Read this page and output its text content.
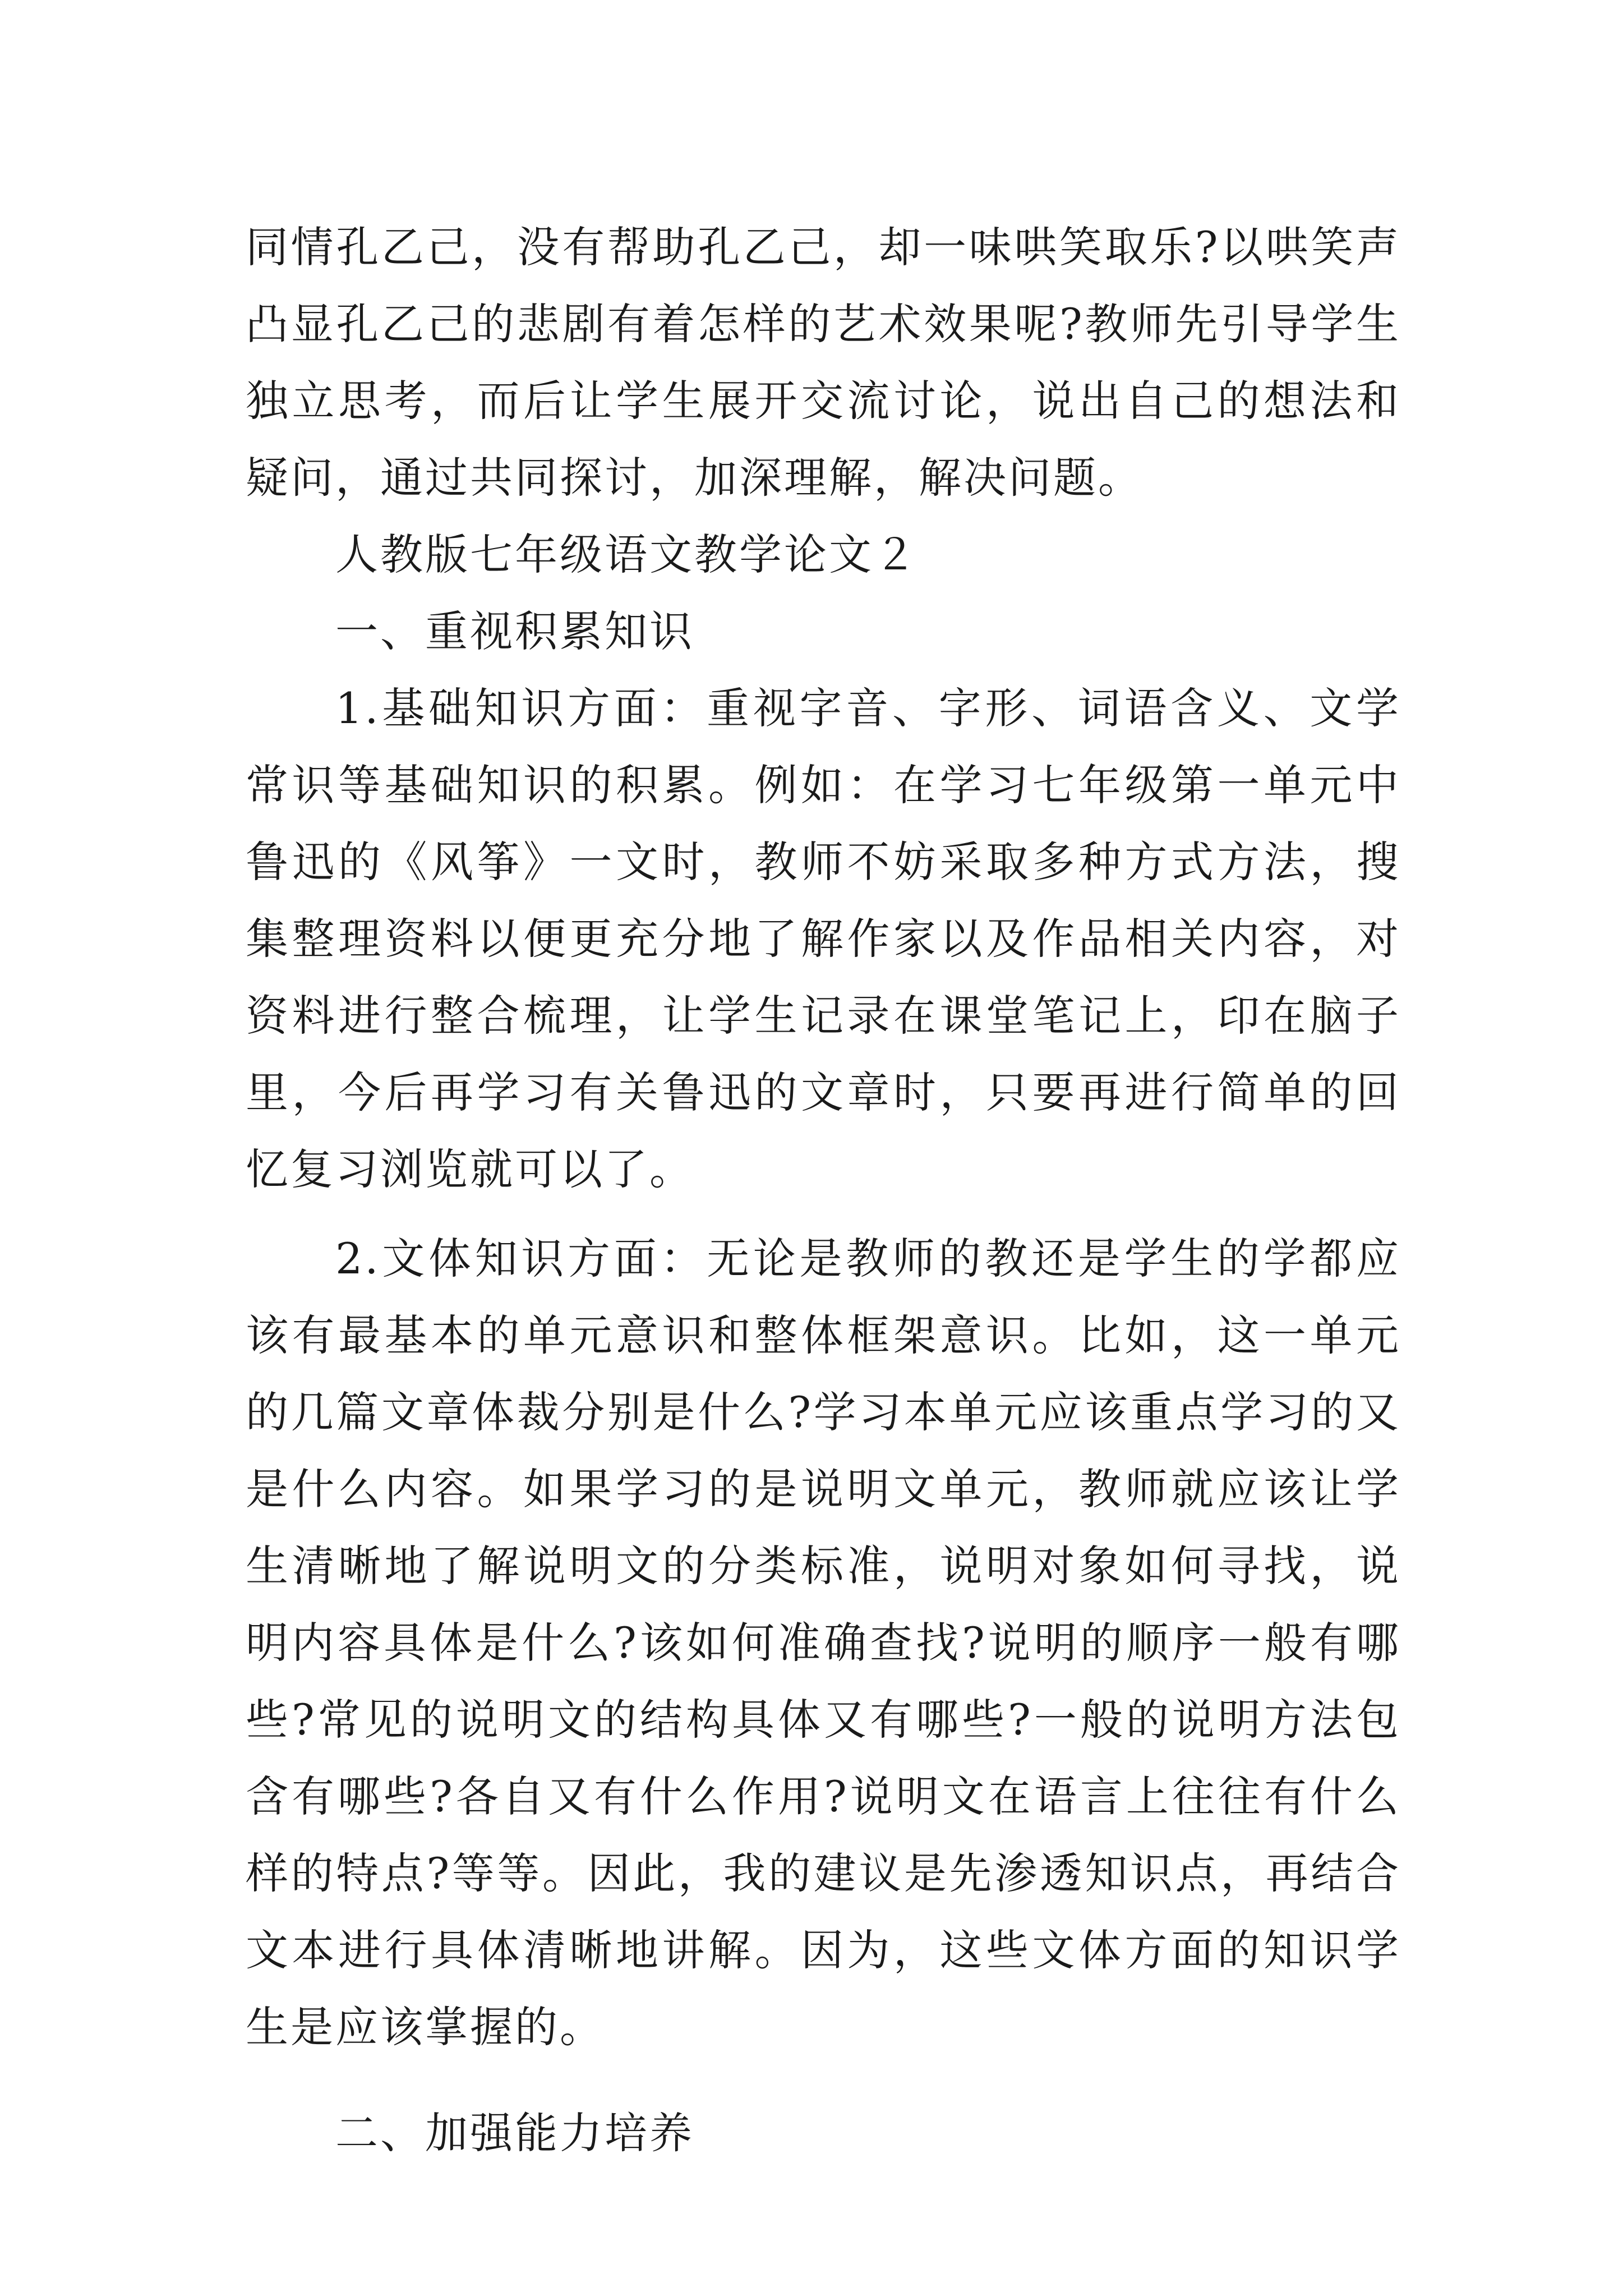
同情孔乙己，没有帮助孔乙己，却一味哄笑取乐?以哄笑声凸显孔乙己的悲剧有着怎样的艺术效果呢?教师先引导学生独立思考，而后让学生展开交流讨论，说出自己的想法和疑问，通过共同探讨，加深理解，解决问题。

人教版七年级语文教学论文２

一、重视积累知识

1.基础知识方面：重视字音、字形、词语含义、文学常识等基础知识的积累。例如：在学习七年级第一单元中鲁迅的《风筝》一文时，教师不妨采取多种方式方法，搜集整理资料以便更充分地了解作家以及作品相关内容，对资料进行整合梳理，让学生记录在课堂笔记上，印在脑子里，今后再学习有关鲁迅的文章时，只要再进行简单的回忆复习浏览就可以了。

2.文体知识方面：无论是教师的教还是学生的学都应该有最基本的单元意识和整体框架意识。比如，这一单元的几篇文章体裁分别是什么?学习本单元应该重点学习的又是什么内容。如果学习的是说明文单元，教师就应该让学生清晰地了解说明文的分类标准，说明对象如何寻找，说明内容具体是什么?该如何准确查找?说明的顺序一般有哪些?常见的说明文的结构具体又有哪些?一般的说明方法包含有哪些?各自又有什么作用?说明文在语言上往往有什么样的特点?等等。因此，我的建议是先渗透知识点，再结合文本进行具体清晰地讲解。因为，这些文体方面的知识学生是应该掌握的。

二、加强能力培养
